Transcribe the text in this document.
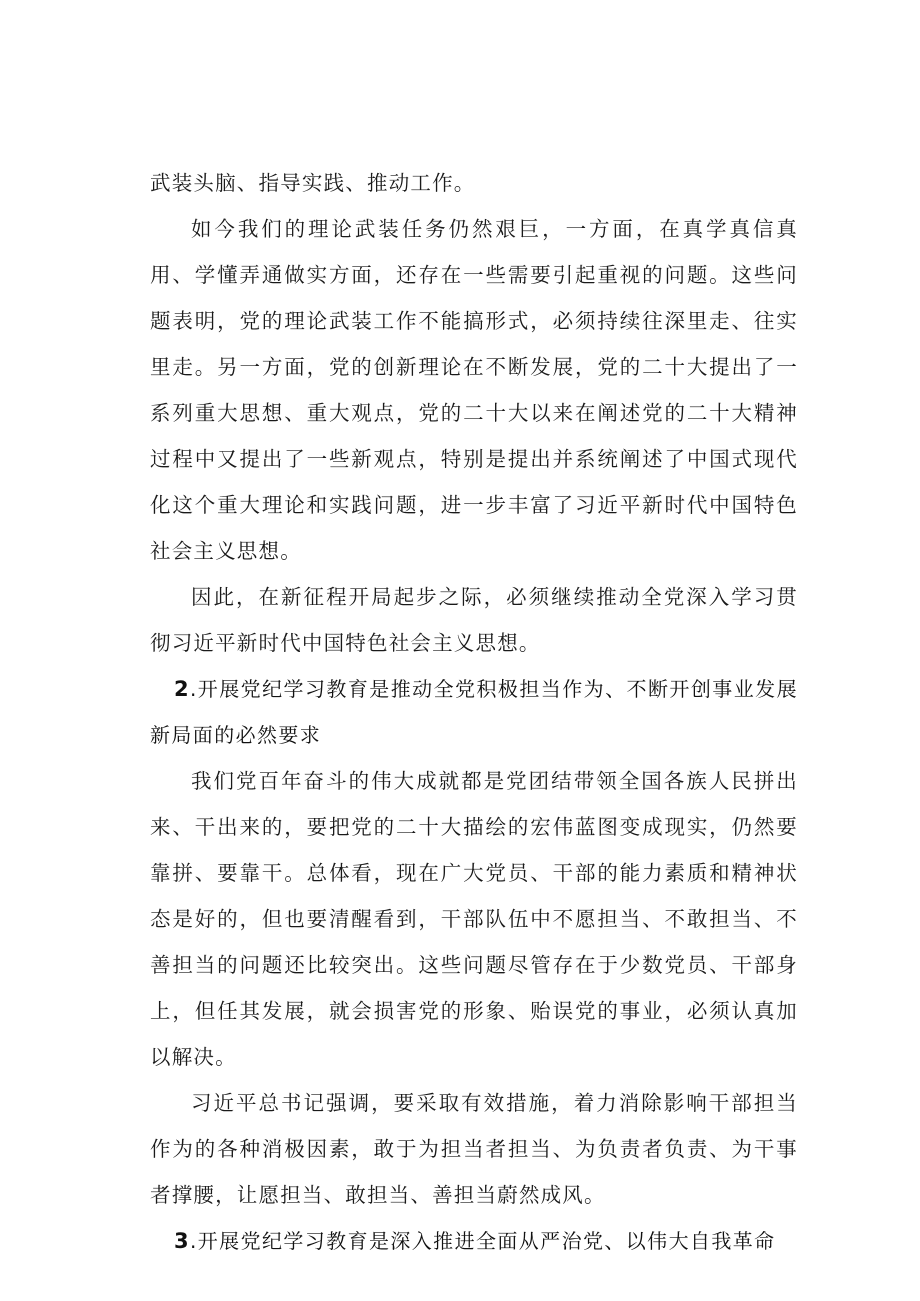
武装头脑、指导实践、推动工作。

如今我们的理论武装任务仍然艰巨，一方面，在真学真信真用、学懂弄通做实方面，还存在一些需要引起重视的问题。这些问题表明，党的理论武装工作不能搞形式，必须持续往深里走、往实里走。另一方面，党的创新理论在不断发展，党的二十大提出了一系列重大思想、重大观点，党的二十大以来在阐述党的二十大精神过程中又提出了一些新观点，特别是提出并系统阐述了中国式现代化这个重大理论和实践问题，进一步丰富了习近平新时代中国特色社会主义思想。

因此，在新征程开局起步之际，必须继续推动全党深入学习贯彻习近平新时代中国特色社会主义思想。

2.开展党纪学习教育是推动全党积极担当作为、不断开创事业发展新局面的必然要求

我们党百年奋斗的伟大成就都是党团结带领全国各族人民拼出来、干出来的，要把党的二十大描绘的宏伟蓝图变成现实，仍然要靠拼、要靠干。总体看，现在广大党员、干部的能力素质和精神状态是好的，但也要清醒看到，干部队伍中不愿担当、不敢担当、不善担当的问题还比较突出。这些问题尽管存在于少数党员、干部身上，但任其发展，就会损害党的形象、贻误党的事业，必须认真加以解决。

习近平总书记强调，要采取有效措施，着力消除影响干部担当作为的各种消极因素，敢于为担当者担当、为负责者负责、为干事者撑腰，让愿担当、敢担当、善担当蔚然成风。

3.开展党纪学习教育是深入推进全面从严治党、以伟大自我革命
